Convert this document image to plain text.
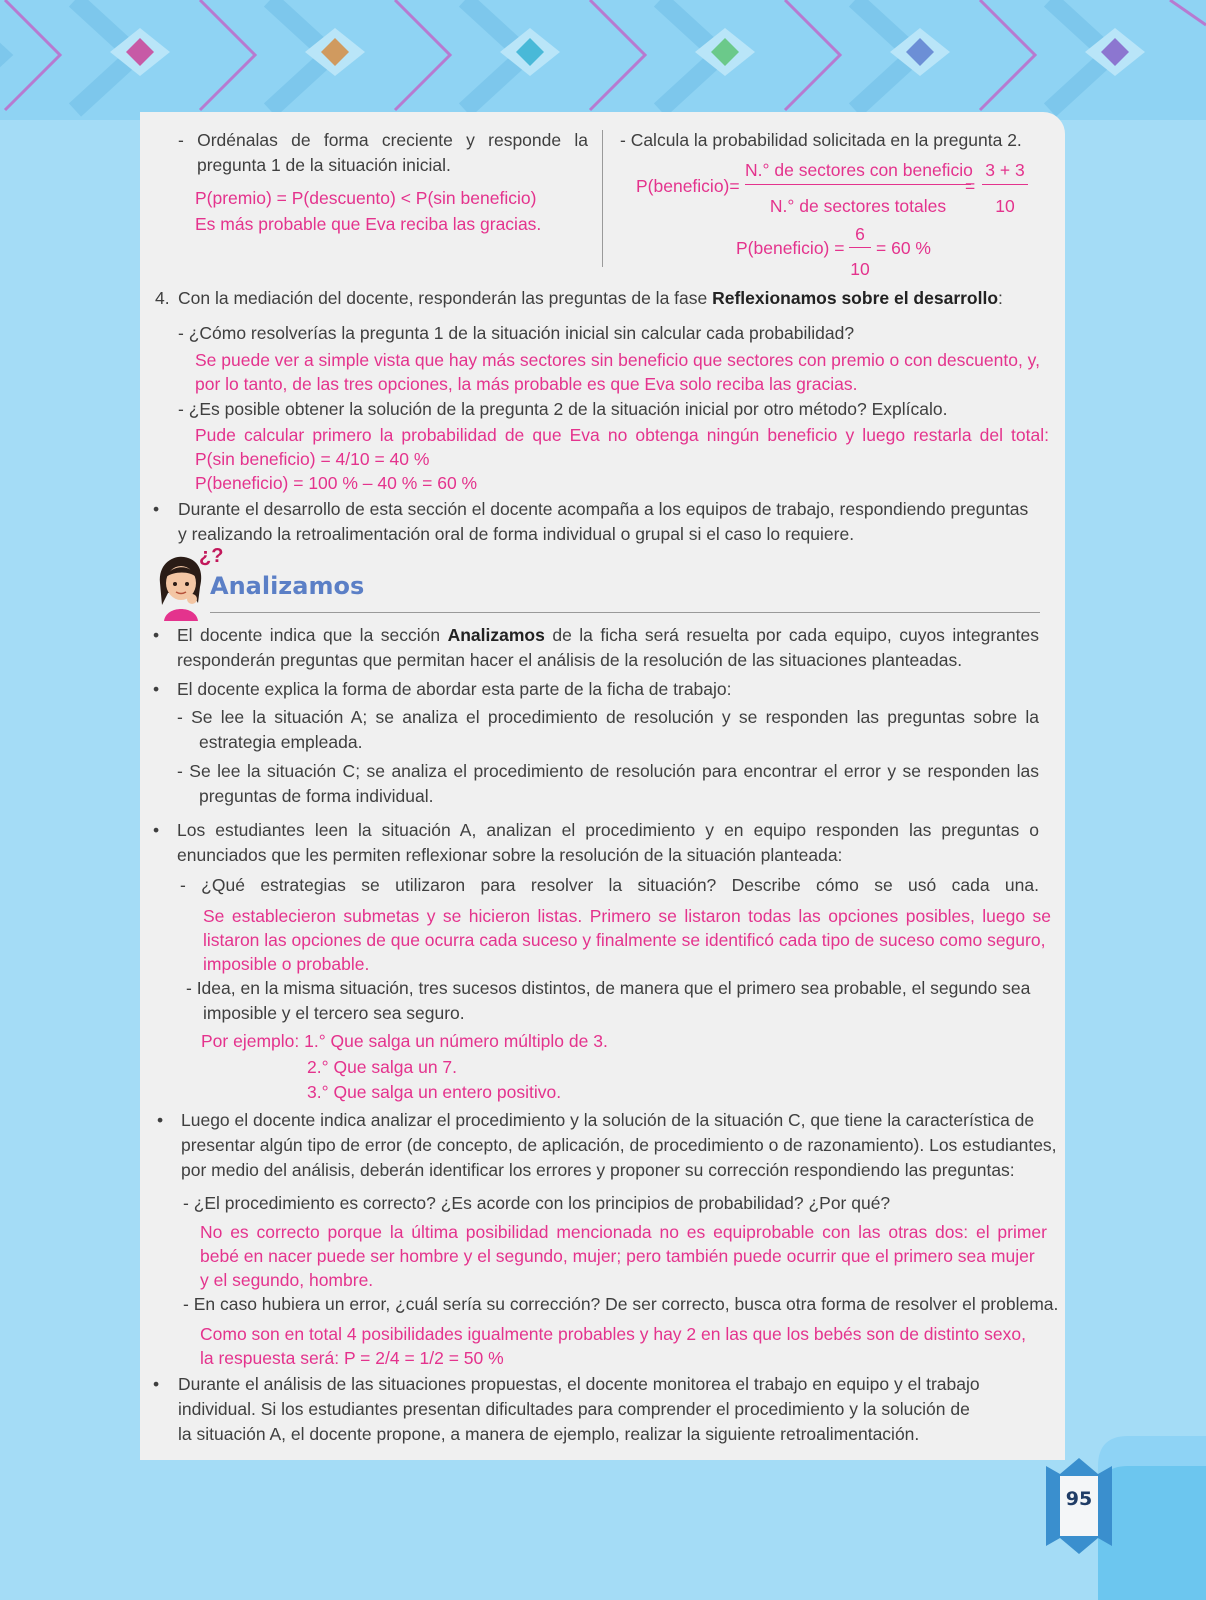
- Ordénalas de forma creciente y responde la
pregunta 1 de la situación inicial.
P(premio) = P(descuento) < P(sin beneficio)
Es más probable que Eva reciba las gracias.
- Calcula la probabilidad solicitada en la pregunta 2.
P(beneficio)=
N.° de sectores con beneficio
N.° de sectores totales
=
3 + 3
10
P(beneficio) =
6
10
= 60 %
4. Con la mediación del docente, responderán las preguntas de la fase Reflexionamos sobre el desarrollo:
- ¿Cómo resolverías la pregunta 1 de la situación inicial sin calcular cada probabilidad?
Se puede ver a simple vista que hay más sectores sin beneficio que sectores con premio o con descuento, y,
por lo tanto, de las tres opciones, la más probable es que Eva solo reciba las gracias.
- ¿Es posible obtener la solución de la pregunta 2 de la situación inicial por otro método? Explícalo.
Pude calcular primero la probabilidad de que Eva no obtenga ningún beneficio y luego restarla del total:
P(sin beneficio) = 4/10 = 40 %
P(beneficio) = 100 % – 40 % = 60 %
• Durante el desarrollo de esta sección el docente acompaña a los equipos de trabajo, respondiendo preguntas
y realizando la retroalimentación oral de forma individual o grupal si el caso lo requiere.
¿?
Analizamos
• El docente indica que la sección Analizamos de la ficha será resuelta por cada equipo, cuyos integrantes
responderán preguntas que permitan hacer el análisis de la resolución de las situaciones planteadas.
• El docente explica la forma de abordar esta parte de la ficha de trabajo:
- Se lee la situación A; se analiza el procedimiento de resolución y se responden las preguntas sobre la
estrategia empleada.
- Se lee la situación C; se analiza el procedimiento de resolución para encontrar el error y se responden las
preguntas de forma individual.
• Los estudiantes leen la situación A, analizan el procedimiento y en equipo responden las preguntas o
enunciados que les permiten reflexionar sobre la resolución de la situación planteada:
- ¿Qué estrategias se utilizaron para resolver la situación? Describe cómo se usó cada una.
Se establecieron submetas y se hicieron listas. Primero se listaron todas las opciones posibles, luego se
listaron las opciones de que ocurra cada suceso y finalmente se identificó cada tipo de suceso como seguro,
imposible o probable.
- Idea, en la misma situación, tres sucesos distintos, de manera que el primero sea probable, el segundo sea
imposible y el tercero sea seguro.
Por ejemplo: 1.° Que salga un número múltiplo de 3.
2.° Que salga un 7.
3.° Que salga un entero positivo.
• Luego el docente indica analizar el procedimiento y la solución de la situación C, que tiene la característica de
presentar algún tipo de error (de concepto, de aplicación, de procedimiento o de razonamiento). Los estudiantes,
por medio del análisis, deberán identificar los errores y proponer su corrección respondiendo las preguntas:
- ¿El procedimiento es correcto? ¿Es acorde con los principios de probabilidad? ¿Por qué?
No es correcto porque la última posibilidad mencionada no es equiprobable con las otras dos: el primer
bebé en nacer puede ser hombre y el segundo, mujer; pero también puede ocurrir que el primero sea mujer
y el segundo, hombre.
- En caso hubiera un error, ¿cuál sería su corrección? De ser correcto, busca otra forma de resolver el problema.
Como son en total 4 posibilidades igualmente probables y hay 2 en las que los bebés son de distinto sexo,
la respuesta será: P = 2/4 = 1/2 = 50 %
• Durante el análisis de las situaciones propuestas, el docente monitorea el trabajo en equipo y el trabajo
individual. Si los estudiantes presentan dificultades para comprender el procedimiento y la solución de
la situación A, el docente propone, a manera de ejemplo, realizar la siguiente retroalimentación.
95
